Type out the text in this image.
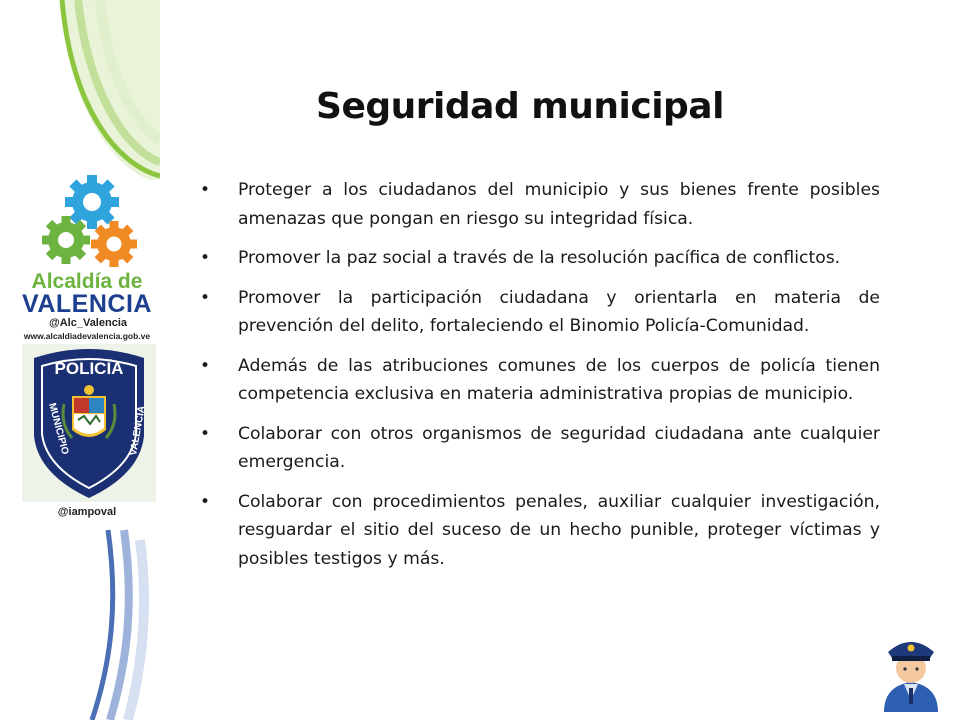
Alcaldía de
VALENCIA
@Alc_Valencia
www.alcaldiadevalencia.gob.ve
POLICÍA
MUNICIPIO	VALENCIA
@iampoval
Seguridad municipal
• Proteger a los ciudadanos del municipio y sus bienes frente posibles amenazas que pongan en riesgo su integridad física.
• Promover la paz social a través de la resolución pacífica de conflictos.
• Promover la participación ciudadana y orientarla en materia de prevención del delito, fortaleciendo el Binomio Policía-Comunidad.
• Además de las atribuciones comunes de los cuerpos de policía tienen competencia exclusiva en materia administrativa propias de municipio.
• Colaborar con otros organismos de seguridad ciudadana ante cualquier emergencia.
• Colaborar con procedimientos penales, auxiliar cualquier investigación, resguardar el sitio del suceso de un hecho punible, proteger víctimas y posibles testigos y más.
